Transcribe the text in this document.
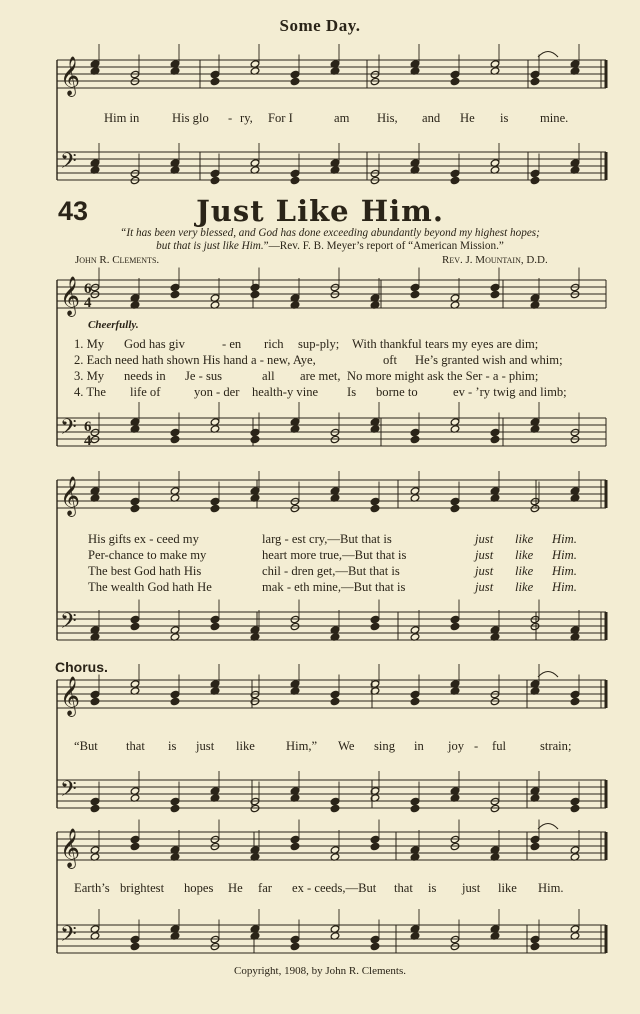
𝄞
𝄢
𝄞
𝄢
𝄞
𝄢
𝄞
𝄢
𝄞
𝄢
6
4
6
4
Some Day.
43	Just Like Him.
“It has been very blessed, and God has done exceeding abundantly beyond my highest hopes;
but that is just like Him.”—Rev. F. B. Meyer’s report of “American Mission.”
John R. Clements.	Rev. J. Mountain, D.D.
Cheerfully.
Chorus.
Him in	His glo - ry, For I	am His, and He is	mine.
1. My God has giv	- en rich sup-ply; With thankful tears my eyes are dim;
2. Each need hath shown His hand a - new, Aye,	oft He’s granted wish and whim;
3. My needs in Je - sus	all are met, No more might ask the Ser - a - phim;
4. The life of	yon - der health-y vine Is borne to	ev - ’ry twig and limb;
His gifts ex - ceed my	larg - est cry,—But that is	just like Him.
Per-chance to make my	heart more true,—But that is	just like Him.
The best God hath His	chil - dren get,—But that is	just like Him.
The wealth God hath He	mak - eth mine,—But that is	just like Him.
“But that is just like Him,” We sing in joy - ful	strain;
Earth’s brightest hopes He far ex - ceeds,—But that is just like Him.
Copyright, 1908, by John R. Clements.
